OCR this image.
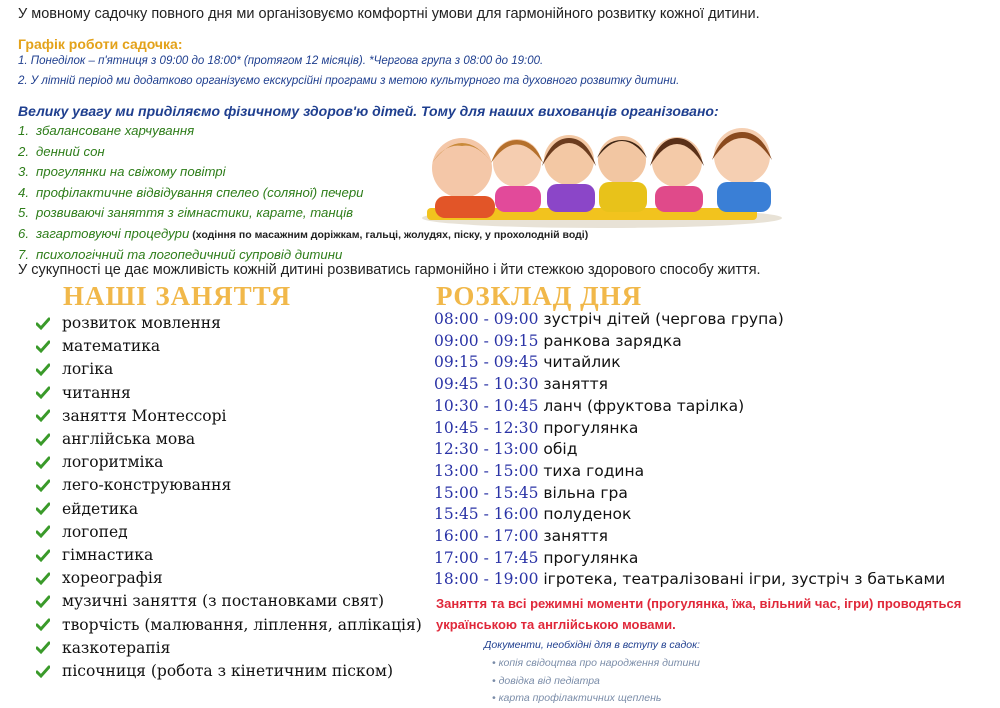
У мовному садочку повного дня ми організовуємо комфортні умови для гармонійного розвитку кожної дитини.
Графік роботи садочка:
1. Понеділок – п'ятниця з 09:00 до 18:00* (протягом 12 місяців). *Чергова група з 08:00 до 19:00.
2. У літній період ми додатково організуємо екскурсійні програми з метою культурного та духовного розвитку дитини.
Велику увагу ми приділяємо фізичному здоров'ю дітей. Тому для наших вихованців організовано:
1. збалансоване харчування
2. денний сон
3. прогулянки на свіжому повітрі
4. профілактичне відвідування спелео (соляної) печери
5. розвиваючі заняття з гімнастики, карате, танців
6. загартовуючі процедури (ходіння по масажним доріжкам, гальці, жолудях, піску, у прохолодній воді)
7. психологічний та логопедичний супровід дитини
У сукупності це дає можливість кожній дитині розвиватись гармонійно і йти стежкою здорового способу життя.
НАШІ ЗАНЯТТЯ
розвиток мовлення
математика
логіка
читання
заняття Монтессорі
англійська мова
логоритміка
лего-конструювання
ейдетика
логопед
гімнастика
хореографія
музичні заняття (з постановками свят)
творчість (малювання, ліплення, аплікація)
казкотерапія
пісочниця (робота з кінетичним піском)
РОЗКЛАД ДНЯ
08:00 - 09:00 зустріч дітей (чергова група)
09:00 - 09:15 ранкова зарядка
09:15 - 09:45 читайлик
09:45 - 10:30 заняття
10:30 - 10:45 ланч (фруктова тарілка)
10:45 - 12:30 прогулянка
12:30 - 13:00 обід
13:00 - 15:00 тиха година
15:00 - 15:45 вільна гра
15:45 - 16:00 полуденок
16:00 - 17:00 заняття
17:00 - 17:45 прогулянка
18:00 - 19:00 ігротека, театралізовані ігри, зустріч з батьками
Заняття та всі режимні моменти (прогулянка, їжа, вільний час, ігри) проводяться
українською та англійською мовами.
Документи, необхідні для в вступу в садок:
• копія свідоцтва про народження дитини
• довідка від педіатра
• карта профілактичних щеплень
